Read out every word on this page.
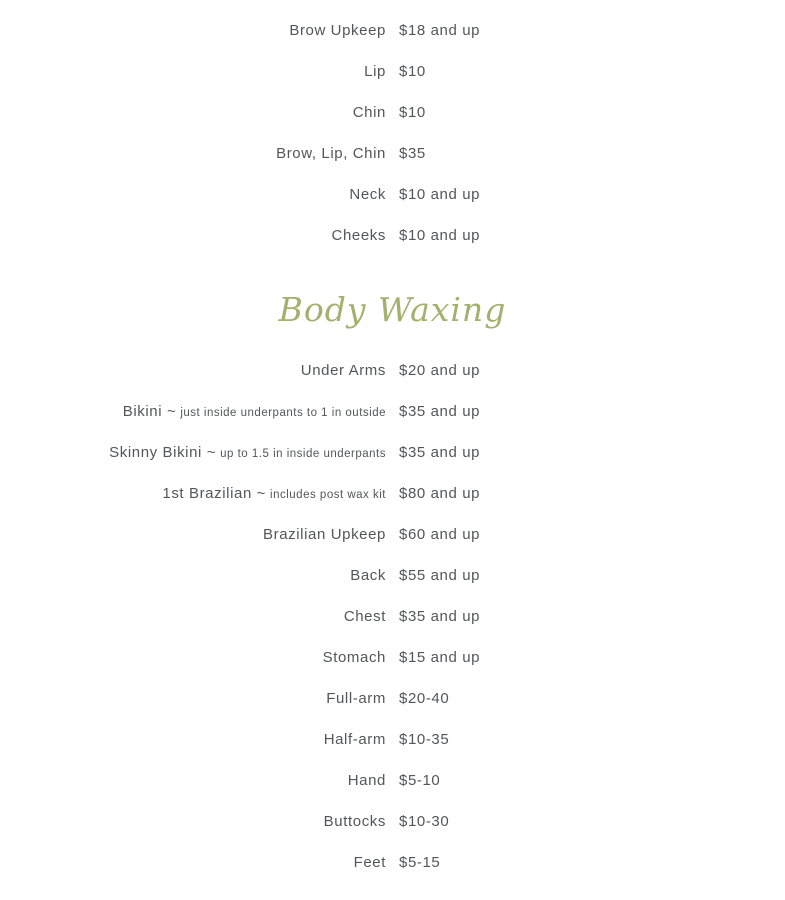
Brow Upkeep $18 and up
Lip $10
Chin $10
Brow, Lip, Chin $35
Neck $10 and up
Cheeks $10 and up
Body Waxing
Under Arms $20 and up
Bikini ~ just inside underpants to 1 in outside $35 and up
Skinny Bikini ~ up to 1.5 in inside underpants $35 and up
1st Brazilian ~ includes post wax kit $80 and up
Brazilian Upkeep $60 and up
Back $55 and up
Chest $35 and up
Stomach $15 and up
Full-arm $20-40
Half-arm $10-35
Hand $5-10
Buttocks $10-30
Feet $5-15
